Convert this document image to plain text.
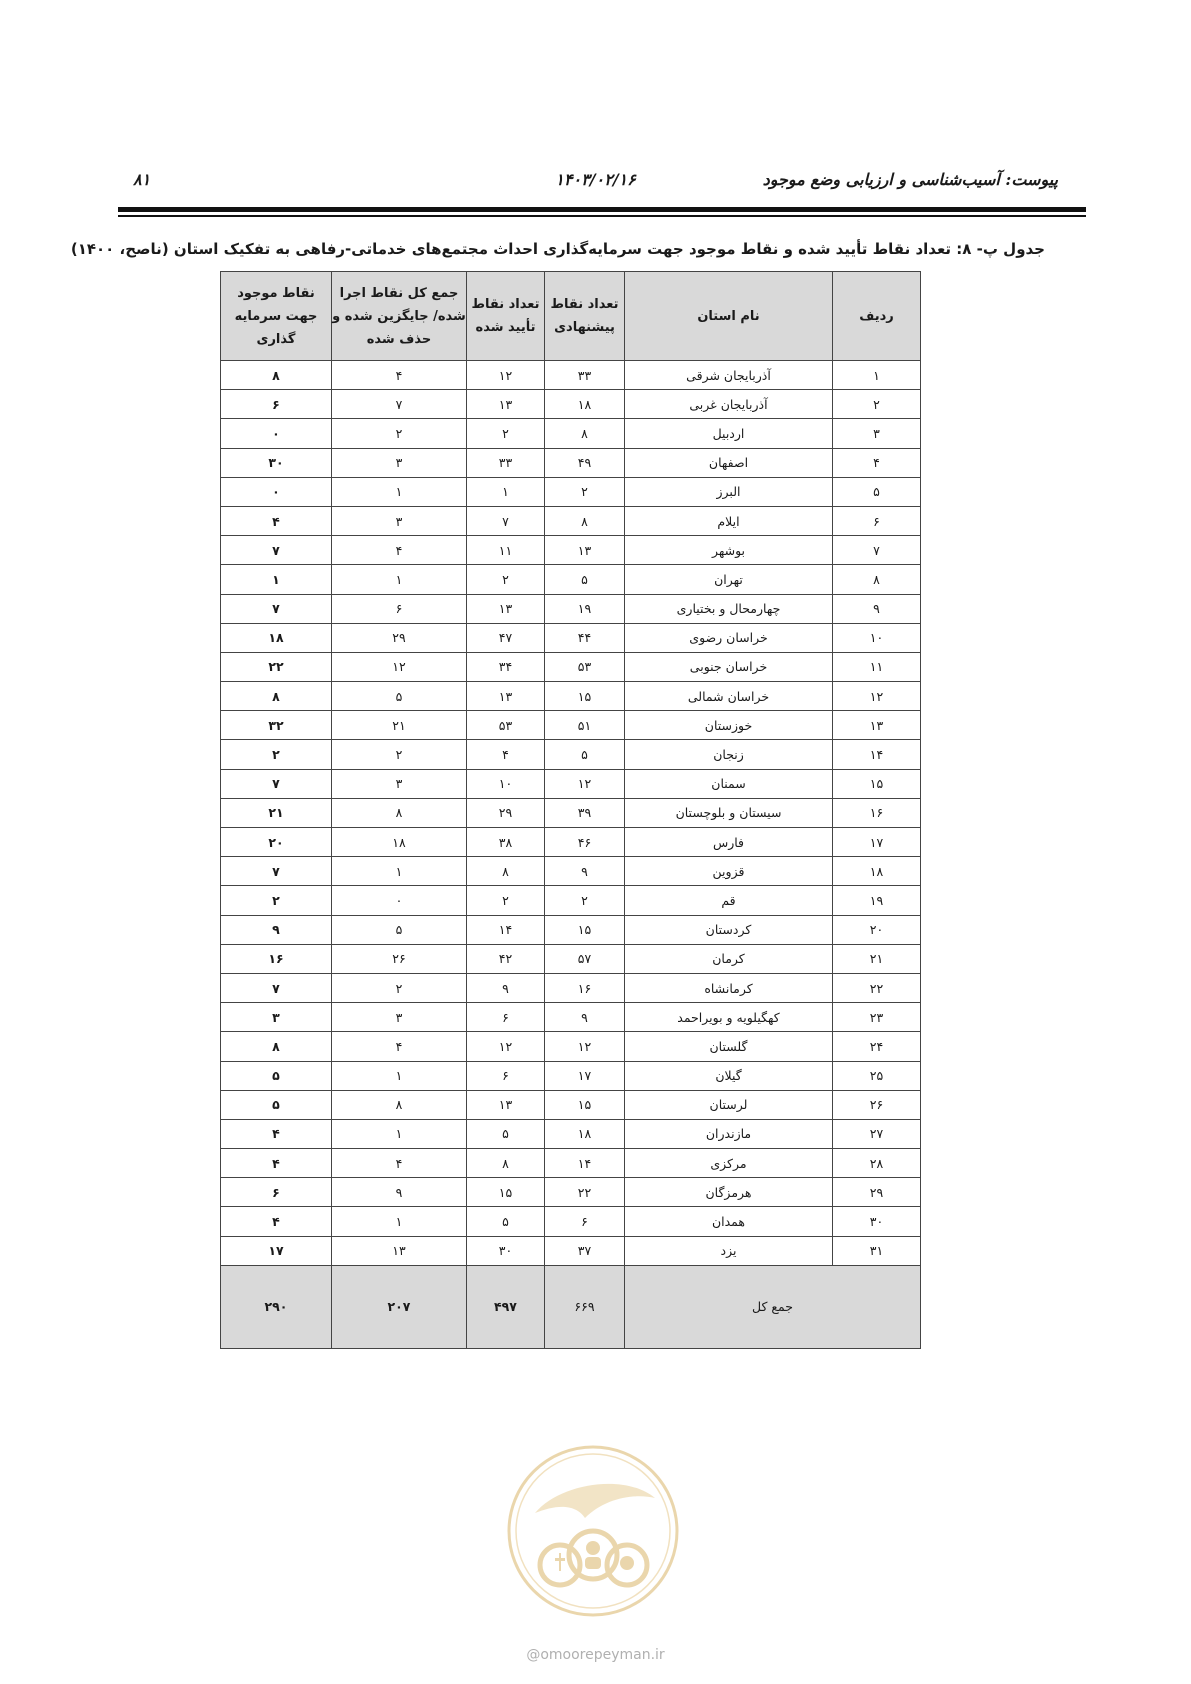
پیوست: آسیب‌شناسی و ارزیابی وضع موجود
۱۴۰۳/۰۲/۱۶
۸۱
جدول پ- ۸: تعداد نقاط تأیید شده و نقاط موجود جهت سرمایه‌گذاری احداث مجتمع‌های خدماتی-رفاهی به تفکیک استان (ناصح، ۱۴۰۰)
ردیف	نام استان	تعداد نقاط پیشنهادی	تعداد نقاط تأیید شده	جمع کل نقاط اجرا شده/ جایگزین شده و حذف شده	نقاط موجود جهت سرمایه گذاری
۱	آذربایجان شرقی	۳۳	۱۲	۴	۸
۲	آذربایجان غربی	۱۸	۱۳	۷	۶
۳	اردبیل	۸	۲	۲	۰
۴	اصفهان	۴۹	۳۳	۳	۳۰
۵	البرز	۲	۱	۱	۰
۶	ایلام	۸	۷	۳	۴
۷	بوشهر	۱۳	۱۱	۴	۷
۸	تهران	۵	۲	۱	۱
۹	چهارمحال و بختیاری	۱۹	۱۳	۶	۷
۱۰	خراسان رضوی	۴۴	۴۷	۲۹	۱۸
۱۱	خراسان جنوبی	۵۳	۳۴	۱۲	۲۲
۱۲	خراسان شمالی	۱۵	۱۳	۵	۸
۱۳	خوزستان	۵۱	۵۳	۲۱	۳۲
۱۴	زنجان	۵	۴	۲	۲
۱۵	سمنان	۱۲	۱۰	۳	۷
۱۶	سیستان و بلوچستان	۳۹	۲۹	۸	۲۱
۱۷	فارس	۴۶	۳۸	۱۸	۲۰
۱۸	قزوین	۹	۸	۱	۷
۱۹	قم	۲	۲	۰	۲
۲۰	کردستان	۱۵	۱۴	۵	۹
۲۱	کرمان	۵۷	۴۲	۲۶	۱۶
۲۲	کرمانشاه	۱۶	۹	۲	۷
۲۳	کهگیلویه و بویراحمد	۹	۶	۳	۳
۲۴	گلستان	۱۲	۱۲	۴	۸
۲۵	گیلان	۱۷	۶	۱	۵
۲۶	لرستان	۱۵	۱۳	۸	۵
۲۷	مازندران	۱۸	۵	۱	۴
۲۸	مرکزی	۱۴	۸	۴	۴
۲۹	هرمزگان	۲۲	۱۵	۹	۶
۳۰	همدان	۶	۵	۱	۴
۳۱	یزد	۳۷	۳۰	۱۳	۱۷
جمع کل		۶۶۹	۴۹۷	۲۰۷	۲۹۰
@omoorepeyman.ir
